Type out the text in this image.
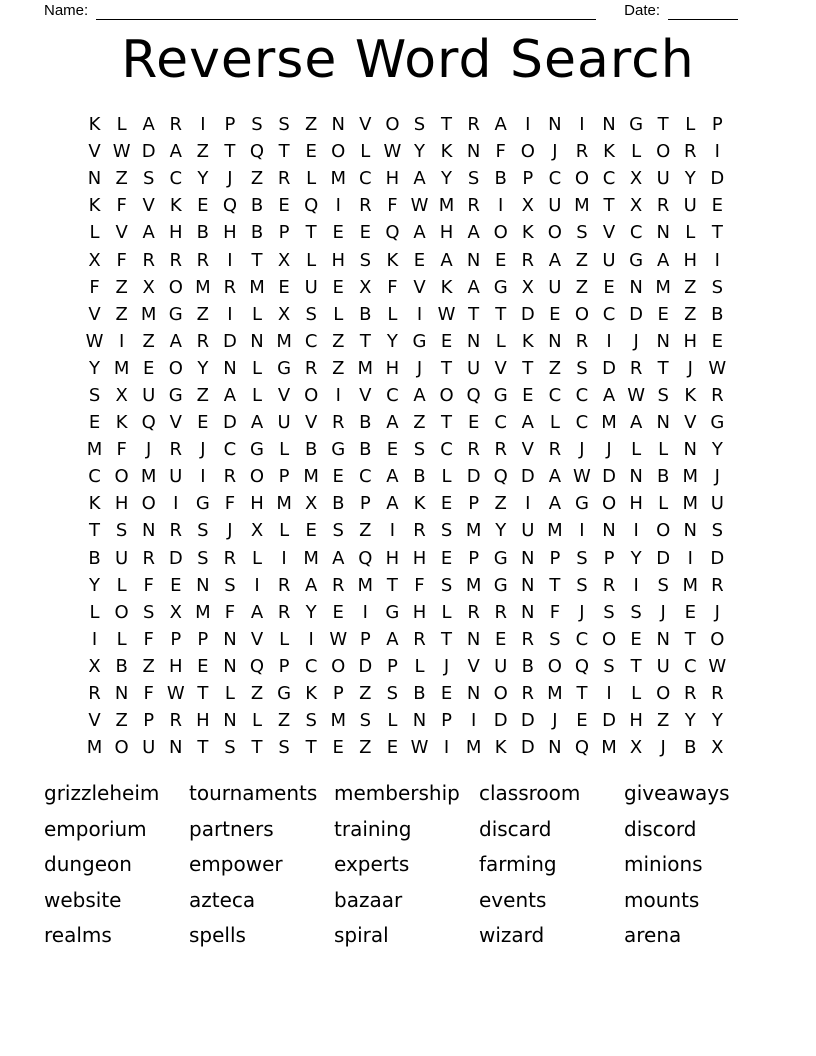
Name:	Date:
Reverse Word Search
K L A R	I	P S S Z N V O S T R A	I N I N G T L P
V W D A Z T Q T E O L W Y K N F O J	R K L O R	I
N Z S C Y	J	Z R L M C H A Y S B P C O C X U Y D
K F V K E Q B E Q I	R F W M R	I	X U M T X R U E
L V A H B H B P T E E Q A H A O K O S V C N L T
X F R R R	I	T X L H S K E A N E R A Z U G A H I
F Z X O M R M E U E X F V K A G X U Z E N M Z S
V Z M G Z	I	L X S L B L	I W T T D E O C D E Z B
W I	Z A R D N M C Z T Y G E N L K N R	I	J N H E
Y M E O Y N L G R Z M H J	T U V T Z S D R T	J W
S X U G Z A L V O I	V C A O Q G E C C A W S K R
E K Q V E D A U V R B A Z T E C A L C M A N V G
M F	J	R	J	C G L B G B E S C R R V R	J	J	L L N Y
C O M U I	R O P M E C A B L D Q D A W D N B M J
K H O I G F H M X B P A K E P Z	I	A G O H L M U
T S N R S	J	X L E S Z	I	R S M Y U M I N I O N S
B U R D S R L	I M A Q H H E P G N P S P Y D I D
Y L F E N S	I	R A R M T F S M G N T S R	I	S M R
L O S X M F A R Y E	I G H L R R N F	J	S S	J	E	J
I	L F P P N V L	I W P A R T N E R S C O E N T O
X B Z H E N Q P C O D P L	J	V U B O Q S T U C W
R N F W T L Z G K P Z S B E N O R M T	I	L O R R
V Z P R H N L Z S M S L N P	I D D J	E D H Z Y Y
M O U N T S T S T E Z E W I M K D N Q M X	J	B X
grizzleheim
emporium
dungeon
website
realms
tournaments
partners
empower
azteca
spells
membership
training
experts
bazaar
spiral
classroom
discard
farming
events
wizard
giveaways
discord
minions
mounts
arena
